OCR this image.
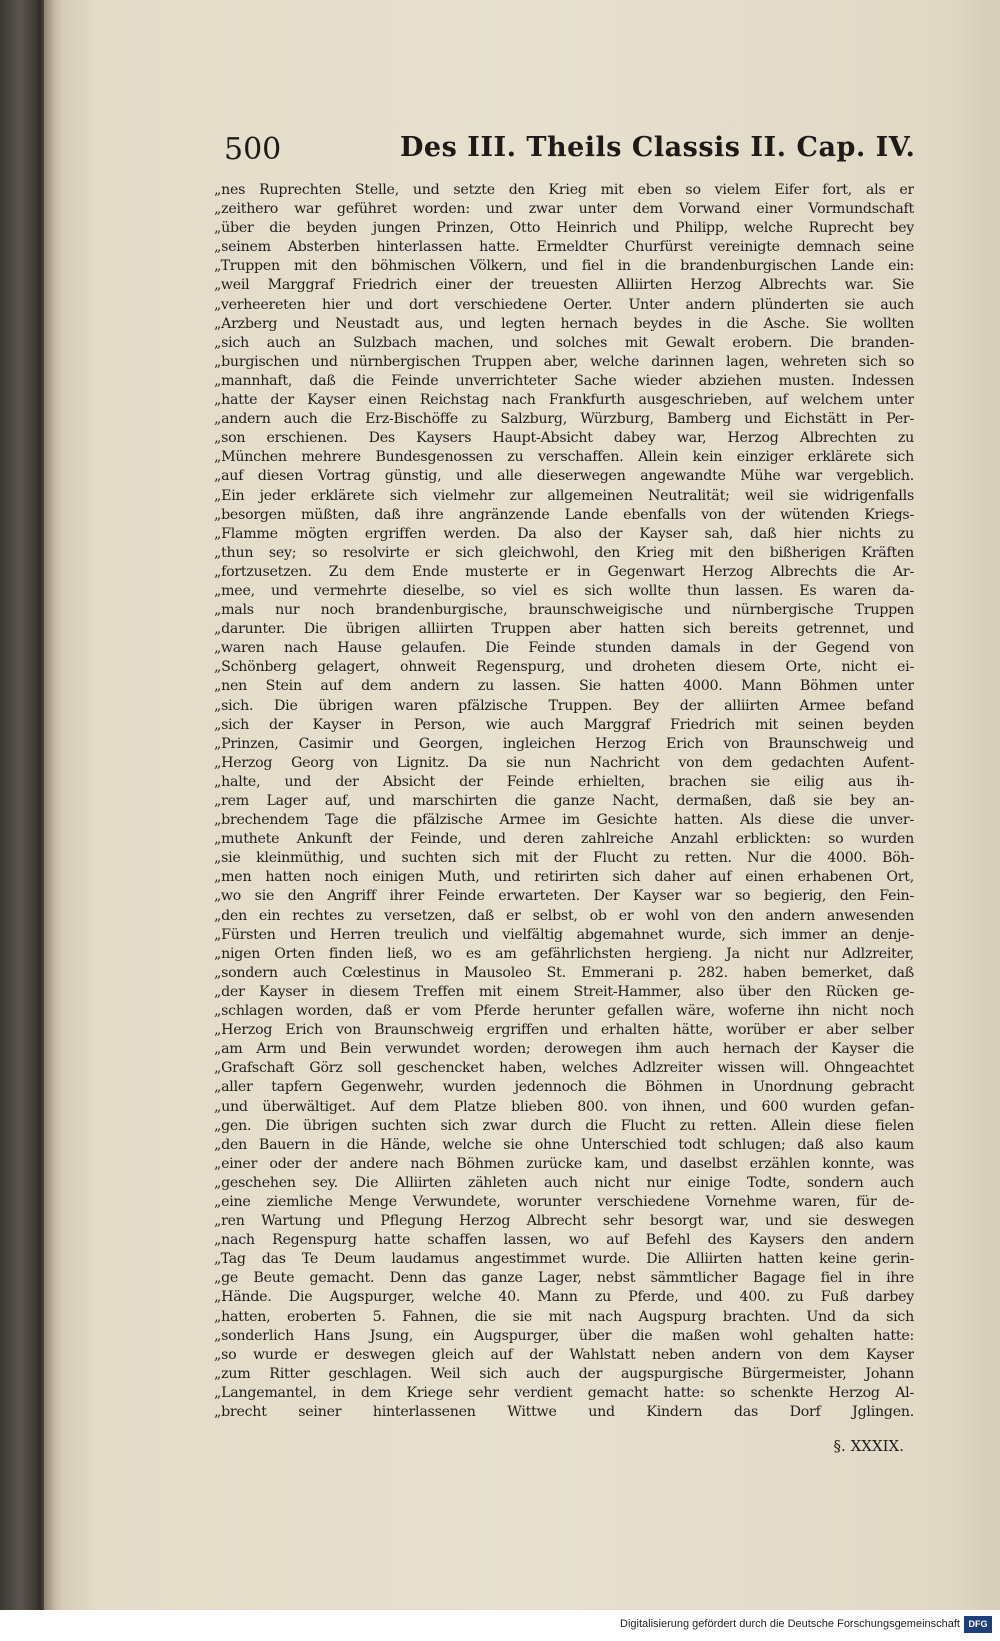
500	Des III. Theils Classis II. Cap. IV.
„nes Ruprechten Stelle, und setzte den Krieg mit eben so vielem Eifer fort, als er
„zeithero war geführet worden: und zwar unter dem Vorwand einer Vormundschaft
„über die beyden jungen Prinzen, Otto Heinrich und Philipp, welche Ruprecht bey
„seinem Absterben hinterlassen hatte. Ermeldter Churfürst vereinigte demnach seine
„Truppen mit den böhmischen Völkern, und fiel in die brandenburgischen Lande ein:
„weil Marggraf Friedrich einer der treuesten Alliirten Herzog Albrechts war. Sie
„verheereten hier und dort verschiedene Oerter. Unter andern plünderten sie auch
„Arzberg und Neustadt aus, und legten hernach beydes in die Asche. Sie wollten
„sich auch an Sulzbach machen, und solches mit Gewalt erobern. Die branden-
„burgischen und nürnbergischen Truppen aber, welche darinnen lagen, wehreten sich so
„mannhaft, daß die Feinde unverrichteter Sache wieder abziehen musten. Indessen
„hatte der Kayser einen Reichstag nach Frankfurth ausgeschrieben, auf welchem unter
„andern auch die Erz-Bischöffe zu Salzburg, Würzburg, Bamberg und Eichstätt in Per-
„son erschienen. Des Kaysers Haupt-Absicht dabey war, Herzog Albrechten zu
„München mehrere Bundesgenossen zu verschaffen. Allein kein einziger erklärete sich
„auf diesen Vortrag günstig, und alle dieserwegen angewandte Mühe war vergeblich.
„Ein jeder erklärete sich vielmehr zur allgemeinen Neutralität; weil sie widrigenfalls
„besorgen müßten, daß ihre angränzende Lande ebenfalls von der wütenden Kriegs-
„Flamme mögten ergriffen werden. Da also der Kayser sah, daß hier nichts zu
„thun sey; so resolvirte er sich gleichwohl, den Krieg mit den bißherigen Kräften
„fortzusetzen. Zu dem Ende musterte er in Gegenwart Herzog Albrechts die Ar-
„mee, und vermehrte dieselbe, so viel es sich wollte thun lassen. Es waren da-
„mals nur noch brandenburgische, braunschweigische und nürnbergische Truppen
„darunter. Die übrigen alliirten Truppen aber hatten sich bereits getrennet, und
„waren nach Hause gelaufen. Die Feinde stunden damals in der Gegend von
„Schönberg gelagert, ohnweit Regenspurg, und droheten diesem Orte, nicht ei-
„nen Stein auf dem andern zu lassen. Sie hatten 4000. Mann Böhmen unter
„sich. Die übrigen waren pfälzische Truppen. Bey der alliirten Armee befand
„sich der Kayser in Person, wie auch Marggraf Friedrich mit seinen beyden
„Prinzen, Casimir und Georgen, ingleichen Herzog Erich von Braunschweig und
„Herzog Georg von Lignitz. Da sie nun Nachricht von dem gedachten Aufent-
„halte, und der Absicht der Feinde erhielten, brachen sie eilig aus ih-
„rem Lager auf, und marschirten die ganze Nacht, dermaßen, daß sie bey an-
„brechendem Tage die pfälzische Armee im Gesichte hatten. Als diese die unver-
„muthete Ankunft der Feinde, und deren zahlreiche Anzahl erblickten: so wurden
„sie kleinmüthig, und suchten sich mit der Flucht zu retten. Nur die 4000. Böh-
„men hatten noch einigen Muth, und retirirten sich daher auf einen erhabenen Ort,
„wo sie den Angriff ihrer Feinde erwarteten. Der Kayser war so begierig, den Fein-
„den ein rechtes zu versetzen, daß er selbst, ob er wohl von den andern anwesenden
„Fürsten und Herren treulich und vielfältig abgemahnet wurde, sich immer an denje-
„nigen Orten finden ließ, wo es am gefährlichsten hergieng. Ja nicht nur Adlzreiter,
„sondern auch Cœlestinus in Mausoleo St. Emmerani p. 282. haben bemerket, daß
„der Kayser in diesem Treffen mit einem Streit-Hammer, also über den Rücken ge-
„schlagen worden, daß er vom Pferde herunter gefallen wäre, woferne ihn nicht noch
„Herzog Erich von Braunschweig ergriffen und erhalten hätte, worüber er aber selber
„am Arm und Bein verwundet worden; derowegen ihm auch hernach der Kayser die
„Grafschaft Görz soll geschencket haben, welches Adlzreiter wissen will. Ohngeachtet
„aller tapfern Gegenwehr, wurden jedennoch die Böhmen in Unordnung gebracht
„und überwältiget. Auf dem Platze blieben 800. von ihnen, und 600 wurden gefan-
„gen. Die übrigen suchten sich zwar durch die Flucht zu retten. Allein diese fielen
„den Bauern in die Hände, welche sie ohne Unterschied todt schlugen; daß also kaum
„einer oder der andere nach Böhmen zurücke kam, und daselbst erzählen konnte, was
„geschehen sey. Die Alliirten zähleten auch nicht nur einige Todte, sondern auch
„eine ziemliche Menge Verwundete, worunter verschiedene Vornehme waren, für de-
„ren Wartung und Pflegung Herzog Albrecht sehr besorgt war, und sie deswegen
„nach Regenspurg hatte schaffen lassen, wo auf Befehl des Kaysers den andern
„Tag das Te Deum laudamus angestimmet wurde. Die Alliirten hatten keine gerin-
„ge Beute gemacht. Denn das ganze Lager, nebst sämmtlicher Bagage fiel in ihre
„Hände. Die Augspurger, welche 40. Mann zu Pferde, und 400. zu Fuß darbey
„hatten, eroberten 5. Fahnen, die sie mit nach Augspurg brachten. Und da sich
„sonderlich Hans Jsung, ein Augspurger, über die maßen wohl gehalten hatte:
„so wurde er deswegen gleich auf der Wahlstatt neben andern von dem Kayser
„zum Ritter geschlagen. Weil sich auch der augspurgische Bürgermeister, Johann
„Langemantel, in dem Kriege sehr verdient gemacht hatte: so schenkte Herzog Al-
„brecht seiner hinterlassenen Wittwe und Kindern das Dorf Jglingen.
§. XXXIX.
Digitalisierung gefördert durch die Deutsche Forschungsgemeinschaft DFG
